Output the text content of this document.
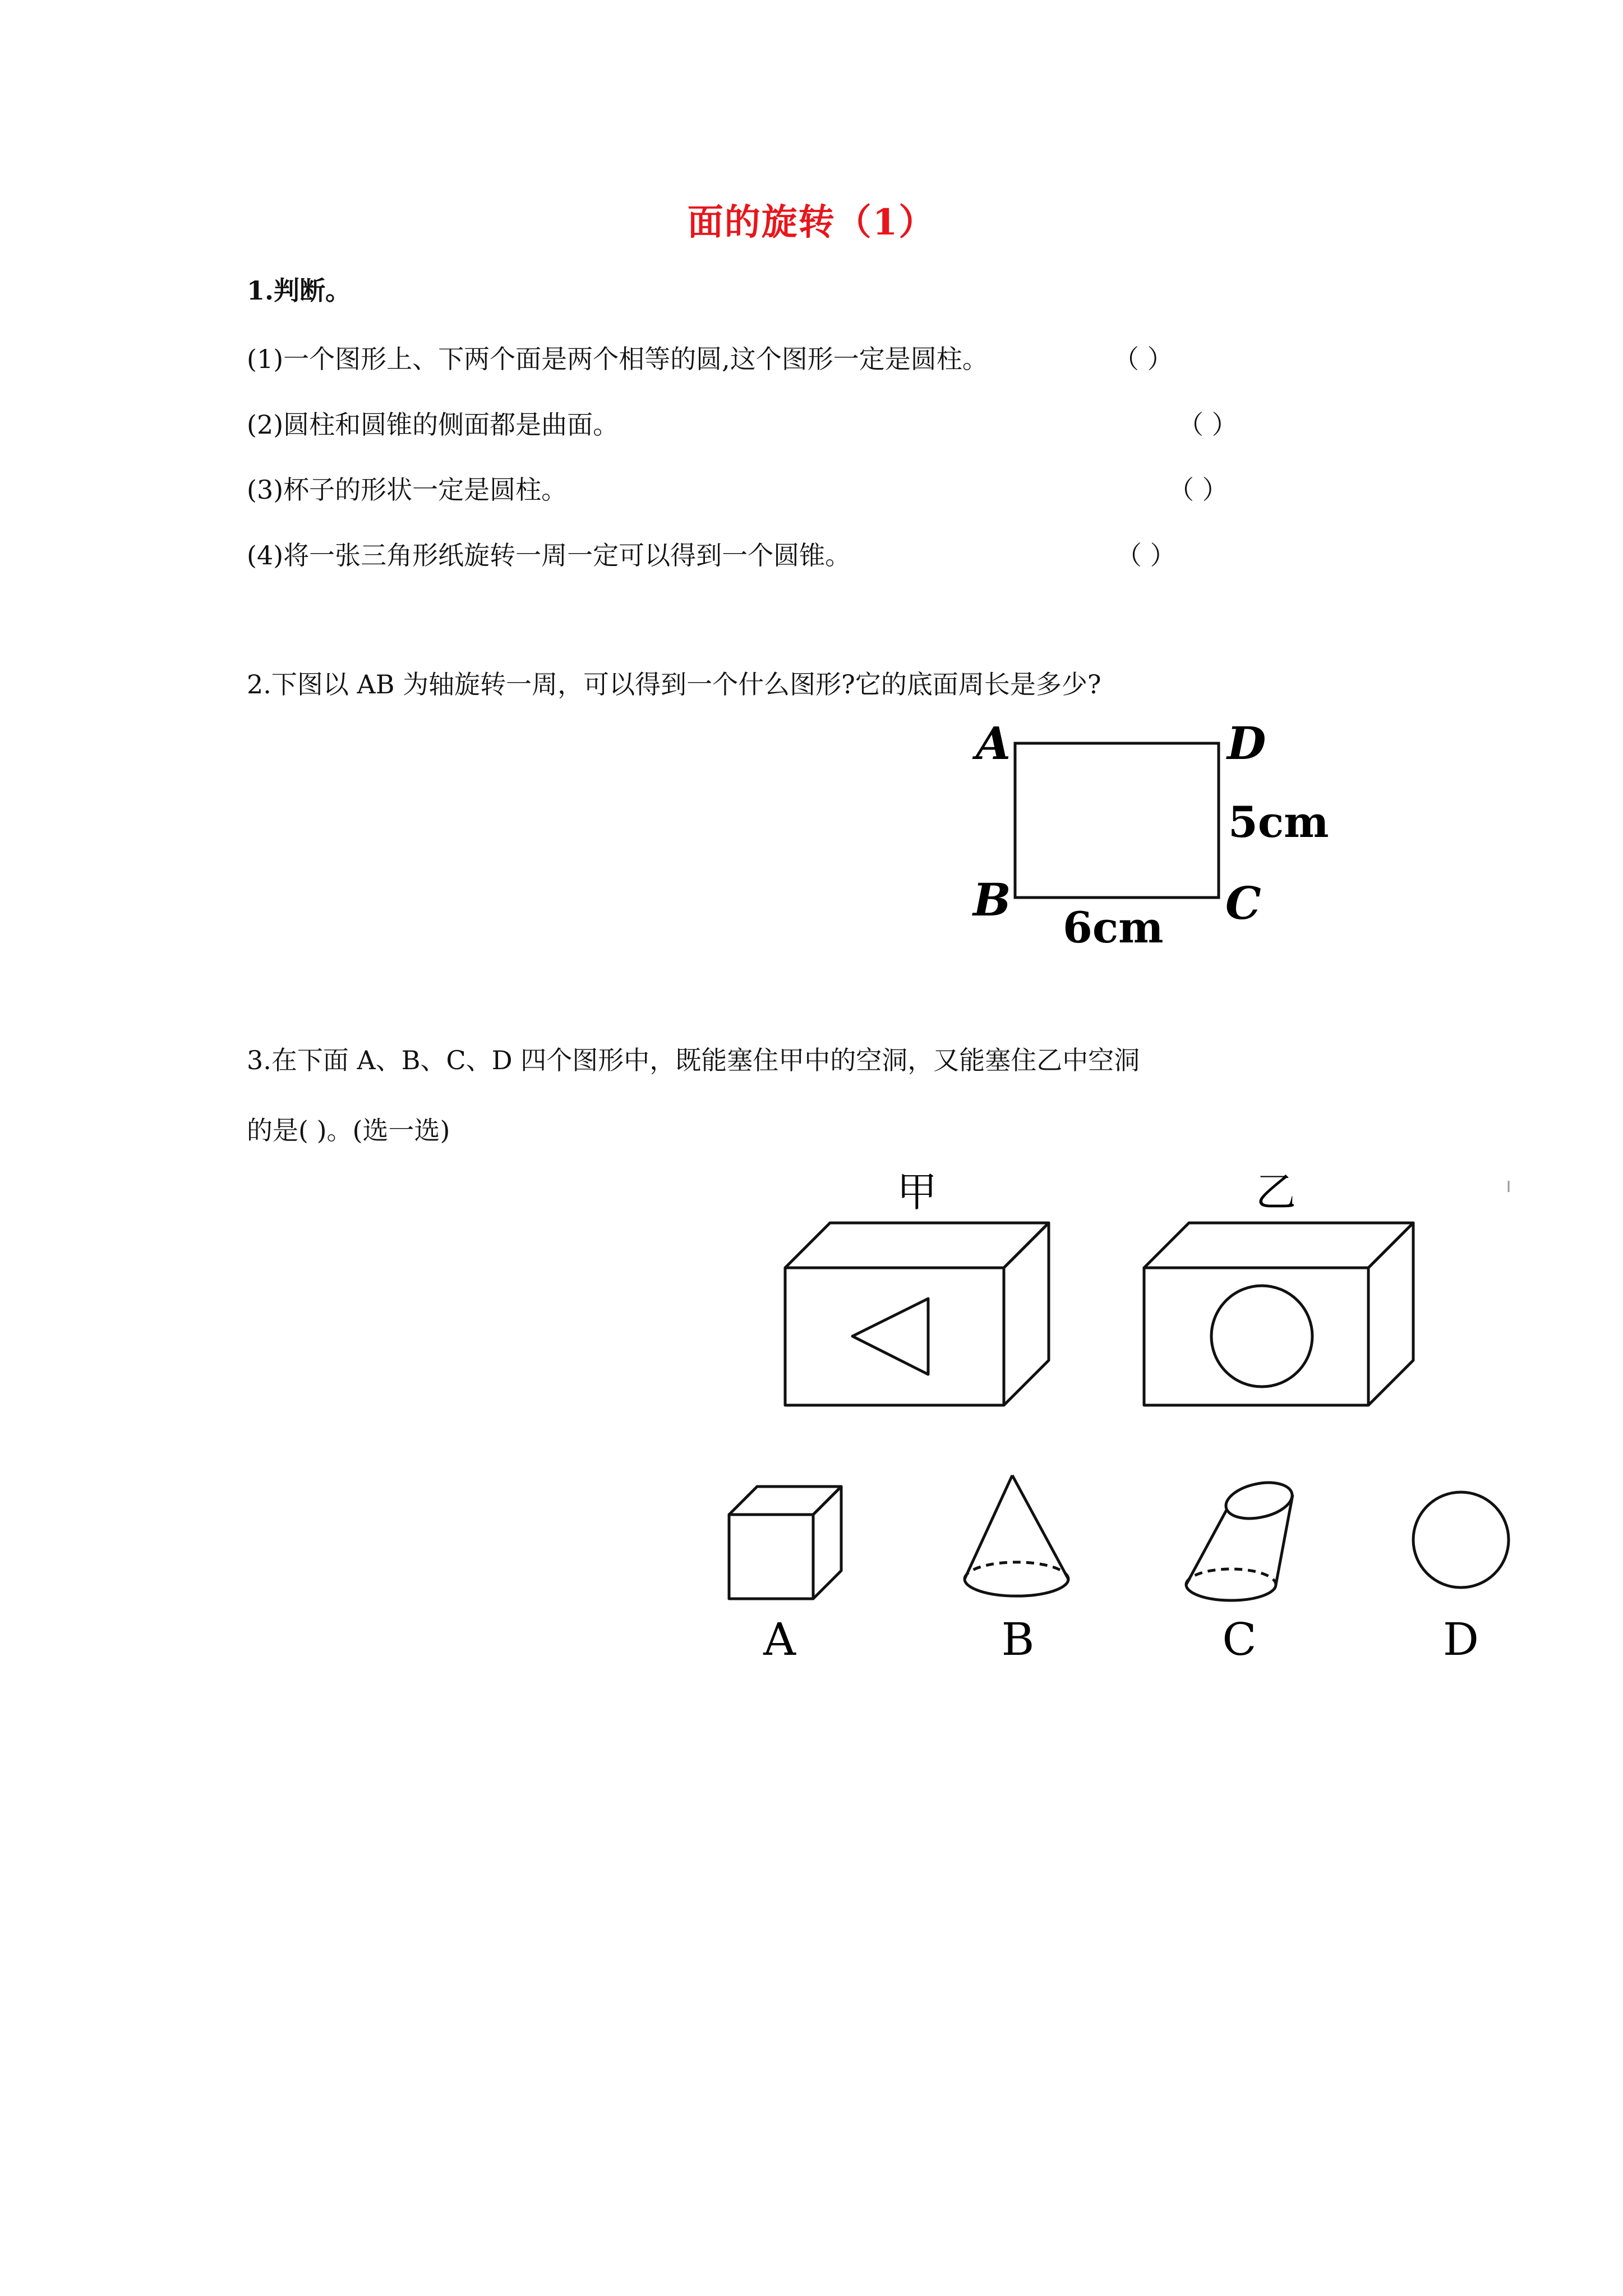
面的旋转（1）
1.判断。
(1)一个图形上、下两个面是两个相等的圆,这个图形一定是圆柱。	（ ）
(2)圆柱和圆锥的侧面都是曲面。	（ ）
(3)杯子的形状一定是圆柱。	（ ）
(4)将一张三角形纸旋转一周一定可以得到一个圆锥。	（ ）
2.下图以 AB 为轴旋转一周，可以得到一个什么图形?它的底面周长是多少?
A	D
5cm
B	C
6cm
3.在下面 A、B、C、D 四个图形中，既能塞住甲中的空洞，又能塞住乙中空洞
的是( )。(选一选)
甲	乙
A	B	C	D
